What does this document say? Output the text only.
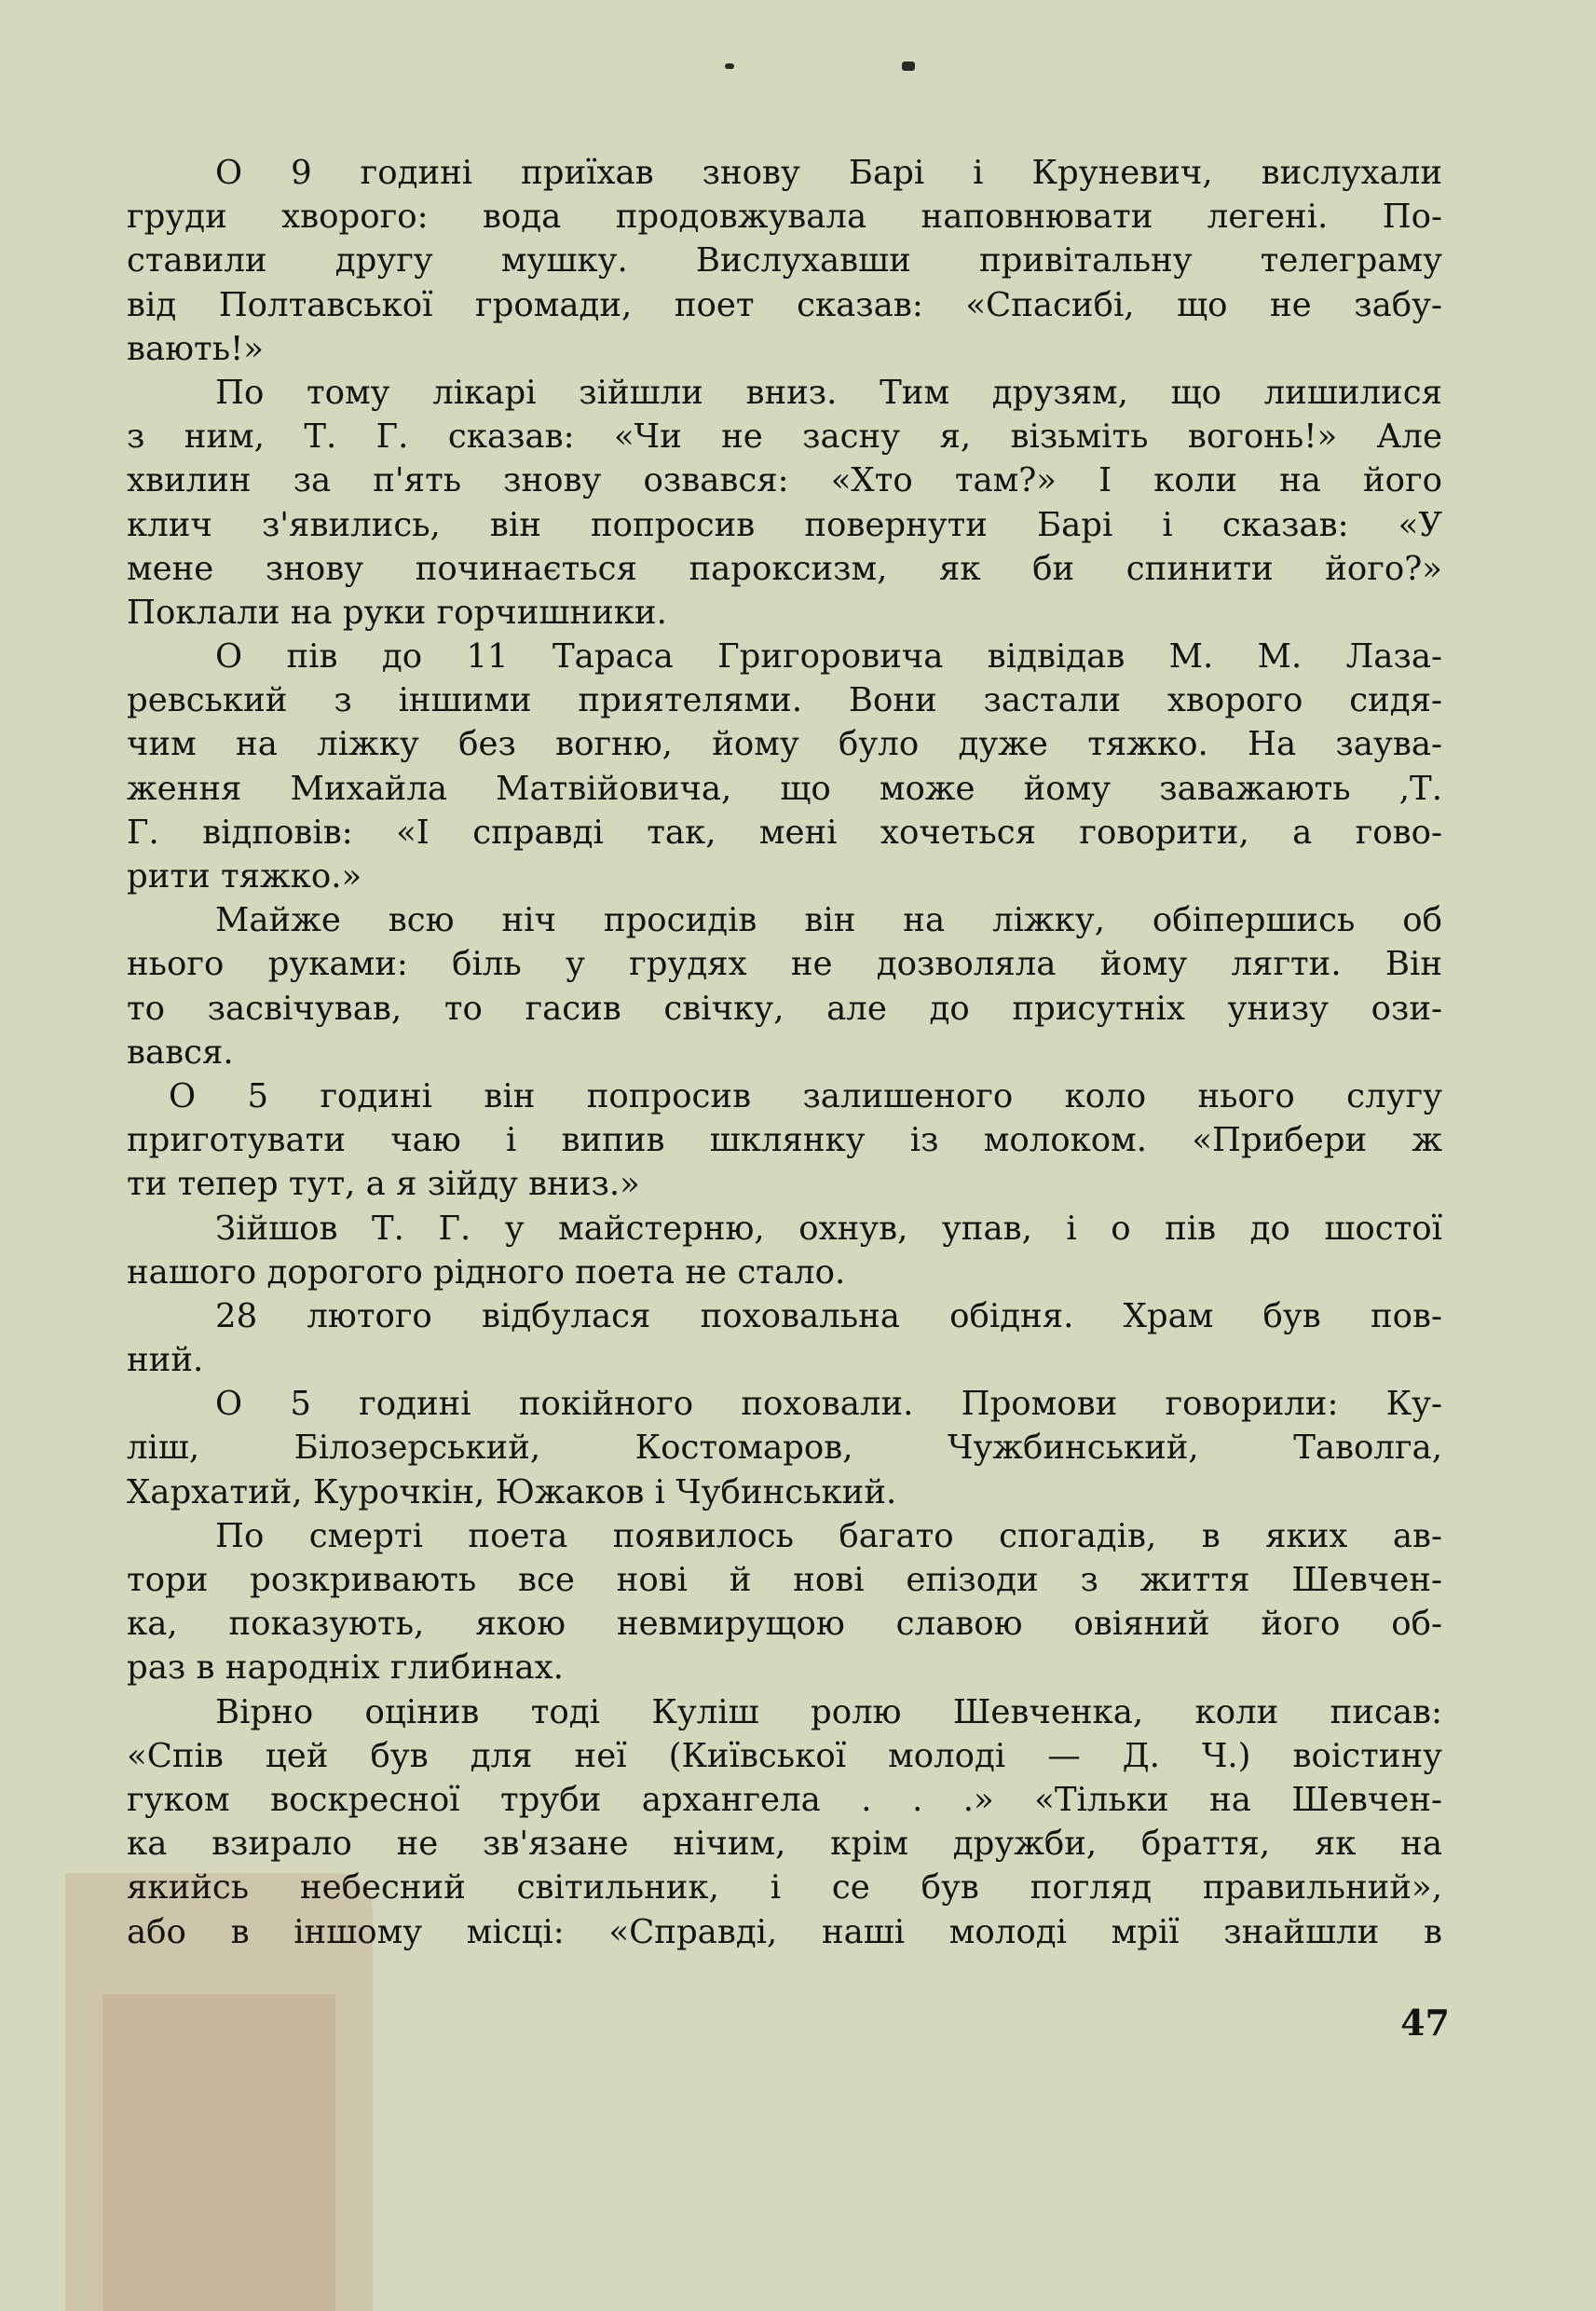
О 9 годині приїхав знову Барі і Круневич, вислухали
груди хворого: вода продовжувала наповнювати легені. По-
ставили другу мушку. Вислухавши привітальну телеграму
від Полтавської громади, поет сказав: «Спасибі, що не забу-
вають!»
По тому лікарі зійшли вниз. Тим друзям, що лишилися
з ним, Т. Г. сказав: «Чи не засну я, візьміть вогонь!» Але
хвилин за п'ять знову озвався: «Хто там?» І коли на його
клич з'явились, він попросив повернути Барі і сказав: «У
мене знову починається пароксизм, як би спинити його?»
Поклали на руки горчишники.
О пів до 11 Тараса Григоровича відвідав М. М. Лаза-
ревський з іншими приятелями. Вони застали хворого сидя-
чим на ліжку без вогню, йому було дуже тяжко. На заува-
ження Михайла Матвійовича, що може йому заважають ,Т.
Г. відповів: «І справді так, мені хочеться говорити, а гово-
рити тяжко.»
Майже всю ніч просидів він на ліжку, обіпершись об
нього руками: біль у грудях не дозволяла йому лягти. Він
то засвічував, то гасив свічку, але до присутніх унизу ози-
вався.
О 5 годині він попросив залишеного коло нього слугу
приготувати чаю і випив шклянку із молоком. «Прибери ж
ти тепер тут, а я зійду вниз.»
Зійшов Т. Г. у майстерню, охнув, упав, і о пів до шостої
нашого дорогого рідного поета не стало.
28 лютого відбулася поховальна обідня. Храм був пов-
ний.
О 5 годині покійного поховали. Промови говорили: Ку-
ліш, Білозерський, Костомаров, Чужбинський, Таволга,
Хархатий, Курочкін, Южаков і Чубинський.
По смерті поета появилось багато спогадів, в яких ав-
тори розкривають все нові й нові епізоди з життя Шевчен-
ка, показують, якою невмирущою славою овіяний його об-
раз в народніх глибинах.
Вірно оцінив тоді Куліш ролю Шевченка, коли писав:
«Спів цей був для неї (Київської молоді — Д. Ч.) воістину
гуком воскресної труби архангела . . .» «Тільки на Шевчен-
ка взирало не зв'язане нічим, крім дружби, браття, як на
якийсь небесний світильник, і се був погляд правильний»,
або в іншому місці: «Справді, наші молоді мрії знайшли в
47
